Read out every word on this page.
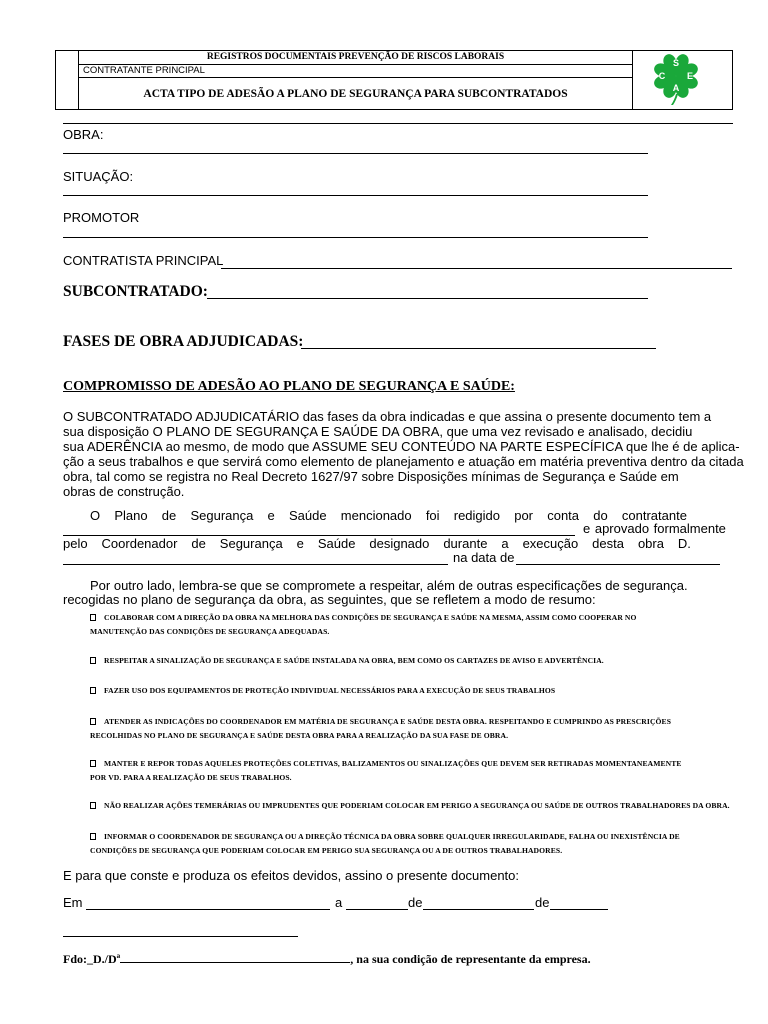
REGISTROS DOCUMENTAIS PREVENÇÃO DE RISCOS LABORAIS
CONTRATANTE PRINCIPAL
ACTA TIPO DE ADESÃO A PLANO DE SEGURANÇA PARA SUBCONTRATADOS
S
C E
A
OBRA:
SITUAÇÃO:
PROMOTOR
CONTRATISTA PRINCIPAL
SUBCONTRATADO:
FASES DE OBRA ADJUDICADAS:
COMPROMISSO DE ADESÃO AO PLANO DE SEGURANÇA E SAÚDE:
O SUBCONTRATADO ADJUDICATÁRIO das fases da obra indicadas e que assina o presente documento tem a
sua disposição O PLANO DE SEGURANÇA E SAÚDE DA OBRA, que uma vez revisado e analisado, decidiu
sua ADERÊNCIA ao mesmo, de modo que ASSUME SEU CONTEÚDO NA PARTE ESPECÍFICA que lhe é de aplica-
ção a seus trabalhos e que servirá como elemento de planejamento e atuação em matéria preventiva dentro da citada
obra, tal como se registra no Real Decreto 1627/97 sobre Disposições mínimas de Segurança e Saúde em
obras de construção.
O Plano de Segurança e Saúde mencionado foi redigido por conta do contratante
e aprovado formalmente
pelo Coordenador de Segurança e Saúde designado durante a execução desta obra D.
na data de
Por outro lado, lembra-se que se compromete a respeitar, além de outras especificações de segurança.
recogidas no plano de segurança da obra, as seguintes, que se refletem a modo de resumo:
COLABORAR COM A DIREÇÃO DA OBRA NA MELHORA DAS CONDIÇÕES DE SEGURANÇA E SAÚDE NA MESMA, ASSIM COMO COOPERAR NO
MANUTENÇÃO DAS CONDIÇÕES DE SEGURANÇA ADEQUADAS.
RESPEITAR A SINALIZAÇÃO DE SEGURANÇA E SAÚDE INSTALADA NA OBRA, BEM COMO OS CARTAZES DE AVISO E ADVERTÊNCIA.
FAZER USO DOS EQUIPAMENTOS DE PROTEÇÃO INDIVIDUAL NECESSÁRIOS PARA A EXECUÇÃO DE SEUS TRABALHOS
ATENDER AS INDICAÇÕES DO COORDENADOR EM MATÉRIA DE SEGURANÇA E SAÚDE DESTA OBRA. RESPEITANDO E CUMPRINDO AS PRESCRIÇÕES
RECOLHIDAS NO PLANO DE SEGURANÇA E SAÚDE DESTA OBRA PARA A REALIZAÇÃO DA SUA FASE DE OBRA.
MANTER E REPOR TODAS AQUELES PROTEÇÕES COLETIVAS, BALIZAMENTOS OU SINALIZAÇÕES QUE DEVEM SER RETIRADAS MOMENTANEAMENTE
POR VD. PARA A REALIZAÇÃO DE SEUS TRABALHOS.
NÃO REALIZAR AÇÕES TEMERÁRIAS OU IMPRUDENTES QUE PODERIAM COLOCAR EM PERIGO A SEGURANÇA OU SAÚDE DE OUTROS TRABALHADORES DA OBRA.
INFORMAR O COORDENADOR DE SEGURANÇA OU A DIREÇÃO TÉCNICA DA OBRA SOBRE QUALQUER IRREGULARIDADE, FALHA OU INEXISTÊNCIA DE
CONDIÇÕES DE SEGURANÇA QUE PODERIAM COLOCAR EM PERIGO SUA SEGURANÇA OU A DE OUTROS TRABALHADORES.
E para que conste e produza os efeitos devidos, assino o presente documento:
Em	a	de	de
Fdo:_D./Dª	, na sua condição de representante da empresa.
